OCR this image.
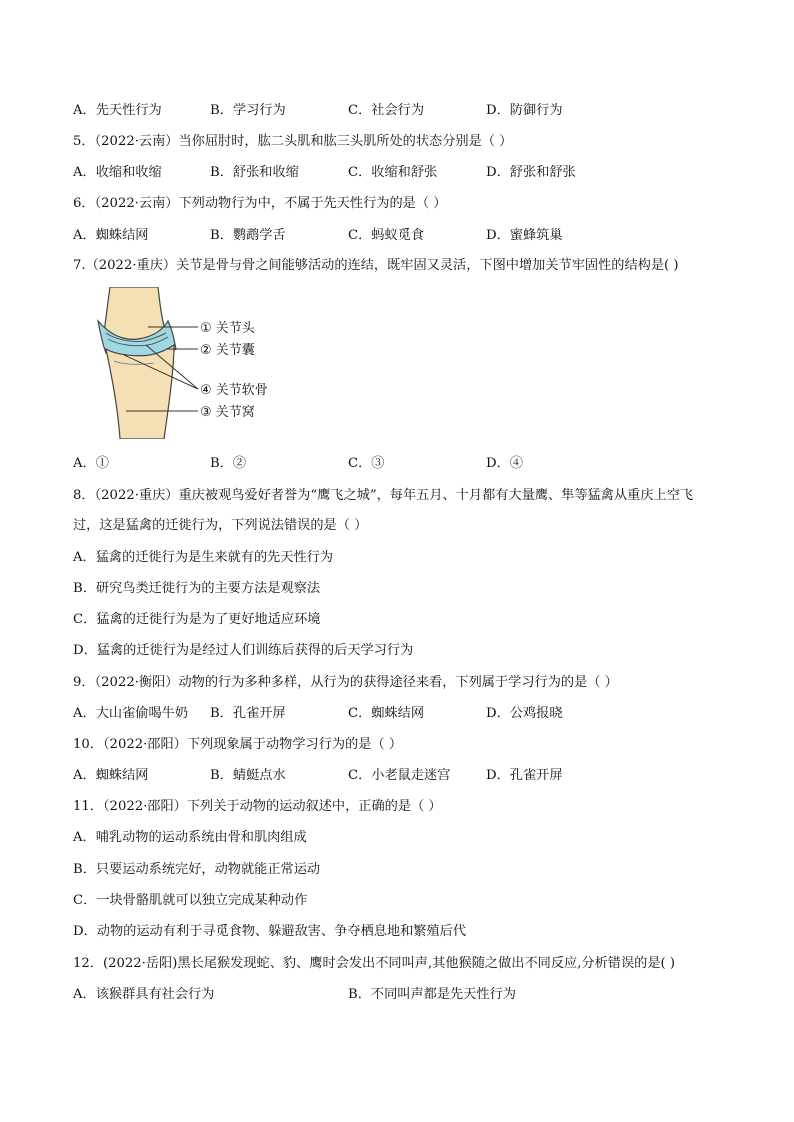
A．先天性行为	B．学习行为	C．社会行为	D．防御行为
5．（2022·云南）当你屈肘时，肱二头肌和肱三头肌所处的状态分别是（ ）
A．收缩和收缩	B．舒张和收缩	C．收缩和舒张	D．舒张和舒张
6．（2022·云南）下列动物行为中，不属于先天性行为的是（ ）
A．蜘蛛结网	B．鹦鹉学舌	C．蚂蚁觅食	D．蜜蜂筑巢
7.（2022·重庆）关节是骨与骨之间能够活动的连结，既牢固又灵活，下图中增加关节牢固性的结构是( )
① 关节头
② 关节囊
④ 关节软骨
③ 关节窝
A．①	B．②	C．③	D．④
8．（2022·重庆）重庆被观鸟爱好者誉为“鹰飞之城”，每年五月、十月都有大量鹰、隼等猛禽从重庆上空飞
过，这是猛禽的迁徙行为，下列说法错误的是（ ）
A．猛禽的迁徙行为是生来就有的先天性行为
B．研究鸟类迁徙行为的主要方法是观察法
C．猛禽的迁徙行为是为了更好地适应环境
D．猛禽的迁徙行为是经过人们训练后获得的后天学习行为
9．（2022·衡阳）动物的行为多种多样，从行为的获得途径来看，下列属于学习行为的是（ ）
A．大山雀偷喝牛奶 B．孔雀开屏	C．蜘蛛结网	D．公鸡报晓
10．（2022·邵阳）下列现象属于动物学习行为的是（ ）
A．蜘蛛结网	B．蜻蜓点水	C．小老鼠走迷宫	D．孔雀开屏
11．（2022·邵阳）下列关于动物的运动叙述中，正确的是（ ）
A．哺乳动物的运动系统由骨和肌肉组成
B．只要运动系统完好，动物就能正常运动
C．一块骨骼肌就可以独立完成某种动作
D．动物的运动有利于寻觅食物、躲避敌害、争夺栖息地和繁殖后代
12．(2022·岳阳)黑长尾猴发现蛇、豹、鹰时会发出不同叫声,其他猴随之做出不同反应,分析错误的是( )
A．该猴群具有社会行为	B．不同叫声都是先天性行为
